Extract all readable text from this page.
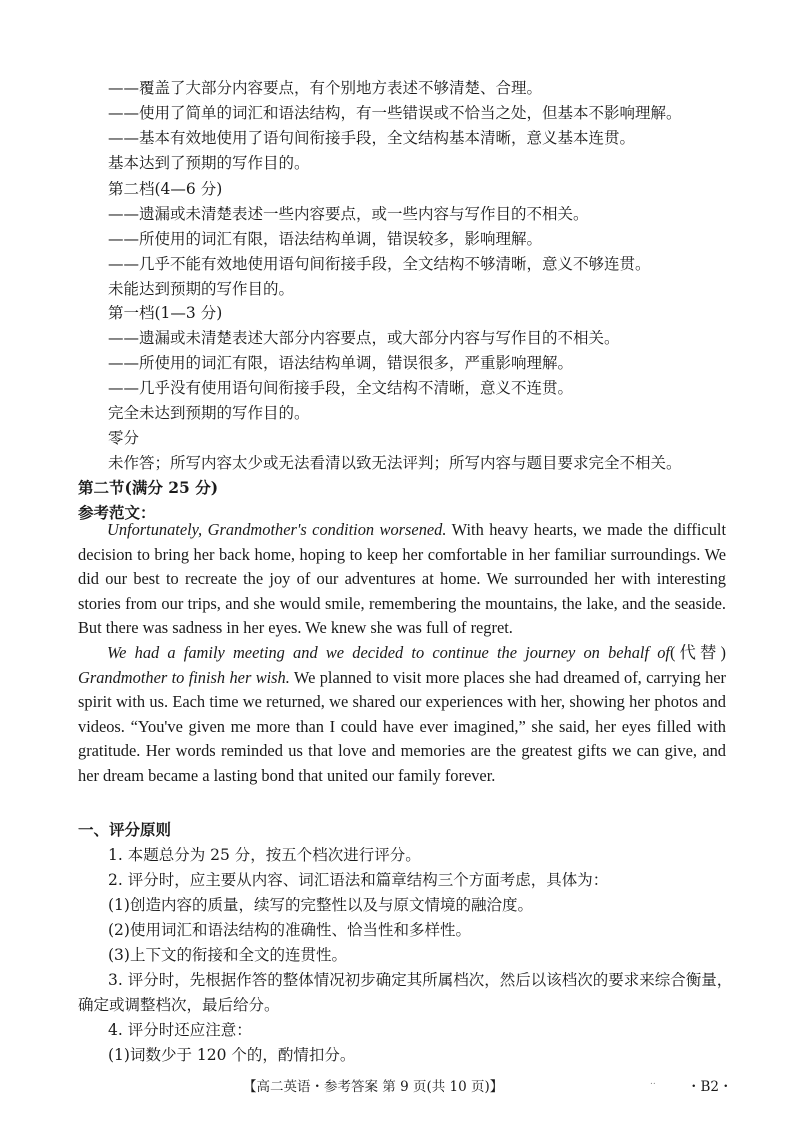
——覆盖了大部分内容要点，有个别地方表述不够清楚、合理。
——使用了简单的词汇和语法结构，有一些错误或不恰当之处，但基本不影响理解。
——基本有效地使用了语句间衔接手段，全文结构基本清晰，意义基本连贯。
基本达到了预期的写作目的。
第二档(4—6 分)
——遗漏或未清楚表述一些内容要点，或一些内容与写作目的不相关。
——所使用的词汇有限，语法结构单调，错误较多，影响理解。
——几乎不能有效地使用语句间衔接手段，全文结构不够清晰，意义不够连贯。
未能达到预期的写作目的。
第一档(1—3 分)
——遗漏或未清楚表述大部分内容要点，或大部分内容与写作目的不相关。
——所使用的词汇有限，语法结构单调，错误很多，严重影响理解。
——几乎没有使用语句间衔接手段，全文结构不清晰，意义不连贯。
完全未达到预期的写作目的。
零分
未作答；所写内容太少或无法看清以致无法评判；所写内容与题目要求完全不相关。
第二节(满分 25 分)
参考范文：

Unfortunately, Grandmother's condition worsened. With heavy hearts, we made the difficult decision to bring her back home, hoping to keep her comfortable in her familiar surroundings. We did our best to recreate the joy of our adventures at home. We surrounded her with interesting stories from our trips, and she would smile, remembering the mountains, the lake, and the seaside. But there was sadness in her eyes. We knew she was full of regret.

We had a family meeting and we decided to continue the journey on behalf of(代替) Grandmother to finish her wish. We planned to visit more places she had dreamed of, carrying her spirit with us. Each time we returned, we shared our experiences with her, showing her photos and videos. “You've given me more than I could have ever imagined,” she said, her eyes filled with gratitude. Her words reminded us that love and memories are the greatest gifts we can give, and her dream became a lasting bond that united our family forever.

一、评分原则
1. 本题总分为 25 分，按五个档次进行评分。
2. 评分时，应主要从内容、词汇语法和篇章结构三个方面考虑，具体为：
(1)创造内容的质量，续写的完整性以及与原文情境的融洽度。
(2)使用词汇和语法结构的准确性、恰当性和多样性。
(3)上下文的衔接和全文的连贯性。
3. 评分时，先根据作答的整体情况初步确定其所属档次，然后以该档次的要求来综合衡量，
确定或调整档次，最后给分。
4. 评分时还应注意：
(1)词数少于 120 个的，酌情扣分。
【高二英语・参考答案 第 9 页(共 10 页)】	.. ・B2・
